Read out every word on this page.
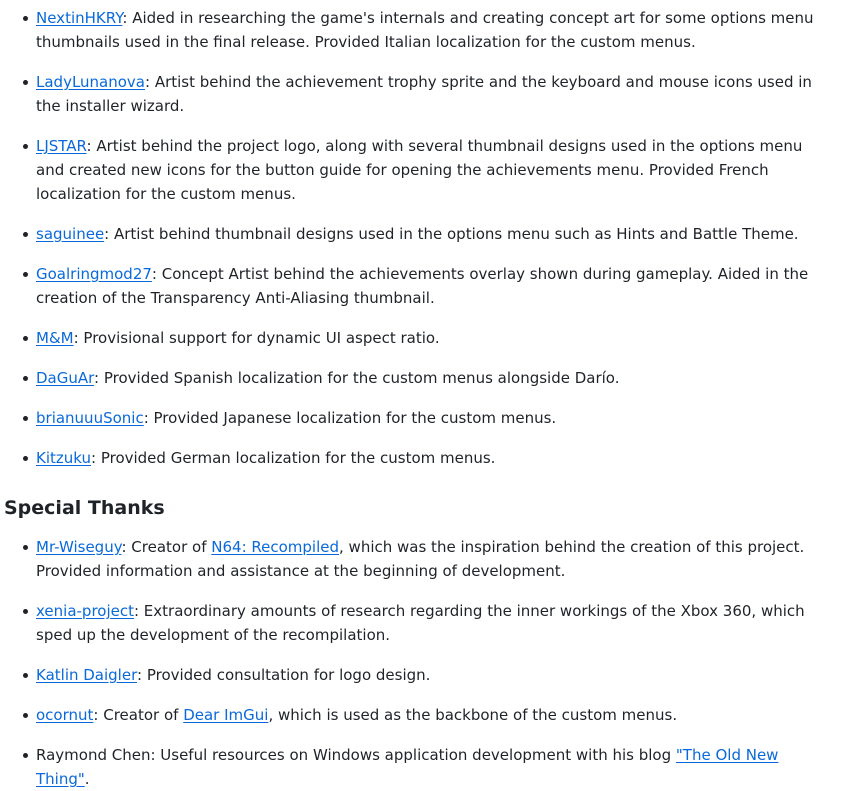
NextinHKRY: Aided in researching the game's internals and creating concept art for some options menu thumbnails used in the final release. Provided Italian localization for the custom menus.
LadyLunanova: Artist behind the achievement trophy sprite and the keyboard and mouse icons used in the installer wizard.
LJSTAR: Artist behind the project logo, along with several thumbnail designs used in the options menu and created new icons for the button guide for opening the achievements menu. Provided French localization for the custom menus.
saguinee: Artist behind thumbnail designs used in the options menu such as Hints and Battle Theme.
Goalringmod27: Concept Artist behind the achievements overlay shown during gameplay. Aided in the creation of the Transparency Anti-Aliasing thumbnail.
M&M: Provisional support for dynamic UI aspect ratio.
DaGuAr: Provided Spanish localization for the custom menus alongside Darío.
brianuuuSonic: Provided Japanese localization for the custom menus.
Kitzuku: Provided German localization for the custom menus.
Special Thanks
Mr-Wiseguy: Creator of N64: Recompiled, which was the inspiration behind the creation of this project. Provided information and assistance at the beginning of development.
xenia-project: Extraordinary amounts of research regarding the inner workings of the Xbox 360, which sped up the development of the recompilation.
Katlin Daigler: Provided consultation for logo design.
ocornut: Creator of Dear ImGui, which is used as the backbone of the custom menus.
Raymond Chen: Useful resources on Windows application development with his blog "The Old New Thing".
